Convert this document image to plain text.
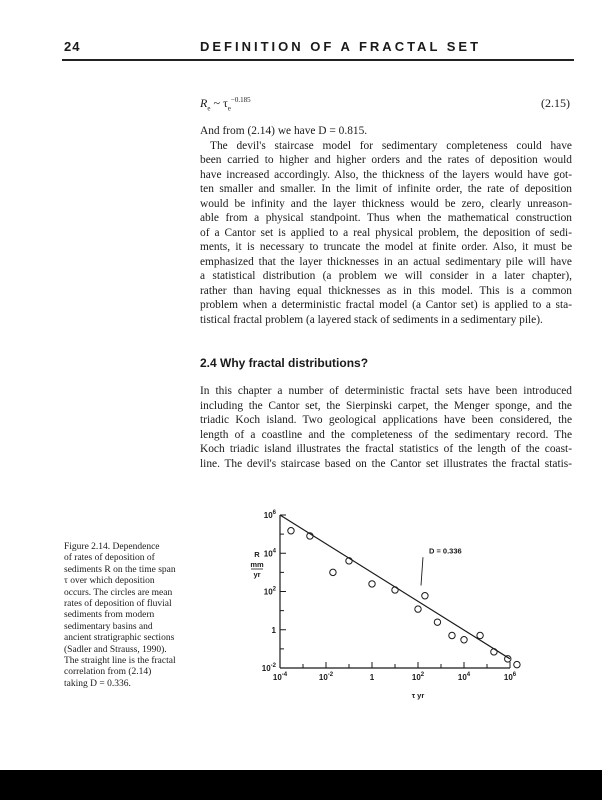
24	DEFINITION OF A FRACTAL SET
$R_e$ ~ $\tau_e^{-0.185}$	(2.15)
And from (2.14) we have D = 0.815.
The devil's staircase model for sedimentary completeness could have
been carried to higher and higher orders and the rates of deposition would
have increased accordingly. Also, the thickness of the layers would have got-
ten smaller and smaller. In the limit of infinite order, the rate of deposition
would be infinity and the layer thickness would be zero, clearly unreason-
able from a physical standpoint. Thus when the mathematical construction
of a Cantor set is applied to a real physical problem, the deposition of sedi-
ments, it is necessary to truncate the model at finite order. Also, it must be
emphasized that the layer thicknesses in an actual sedimentary pile will have
a statistical distribution (a problem we will consider in a later chapter),
rather than having equal thicknesses as in this model. This is a common
problem when a deterministic fractal model (a Cantor set) is applied to a sta-
tistical fractal problem (a layered stack of sediments in a sedimentary pile).
2.4 Why fractal distributions?
In this chapter a number of deterministic fractal sets have been introduced
including the Cantor set, the Sierpinski carpet, the Menger sponge, and the
triadic Koch island. Two geological applications have been considered, the
length of a coastline and the completeness of the sedimentary record. The
Koch triadic island illustrates the fractal statistics of the length of the coast-
line. The devil's staircase based on the Cantor set illustrates the fractal statis-
Figure 2.14. Dependence
of rates of deposition of
sediments R on the time span
τ over which deposition
occurs. The circles are mean
rates of deposition of fluvial
sediments from modern
sedimentary basins and
ancient stratigraphic sections
(Sadler and Strauss, 1990).
The straight line is the fractal
correlation from (2.14)
taking D = 0.336.
$10^{-4}$	$10^{-2}$	1	$10^2$	$10^4$	$10^6$
$10^{-2}$
1
$10^2$
$10^4$
$10^6$
D = 0.336
R
mm
yr
τ yr
